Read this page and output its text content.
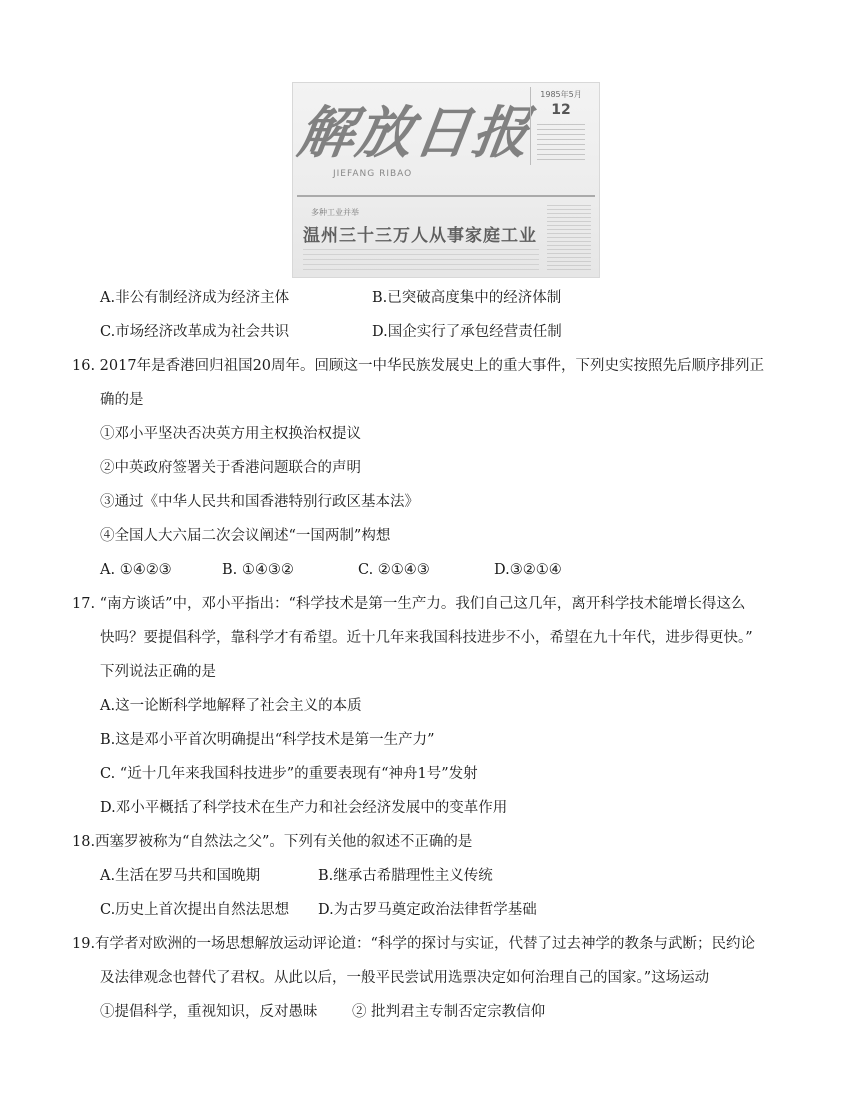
解放日报
JIEFANG RIBAO
1985年5月
12
多种工业并举
温州三十三万人从事家庭工业
A.非公有制经济成为经济主体	B.已突破高度集中的经济体制
C.市场经济改革成为社会共识	D.国企实行了承包经营责任制
16. 2017年是香港回归祖国20周年。回顾这一中华民族发展史上的重大事件，下列史实按照先后顺序排列正
确的是
①邓小平坚决否决英方用主权换治权提议
②中英政府签署关于香港问题联合的声明
③通过《中华人民共和国香港特别行政区基本法》
④全国人大六届二次会议阐述“一国两制”构想
A. ①④②③	B. ①④③②	C. ②①④③	D.③②①④
17. “南方谈话”中，邓小平指出：“科学技术是第一生产力。我们自己这几年，离开科学技术能增长得这么
快吗？要提倡科学，靠科学才有希望。近十几年来我国科技进步不小，希望在九十年代，进步得更快。”
下列说法正确的是
A.这一论断科学地解释了社会主义的本质
B.这是邓小平首次明确提出“科学技术是第一生产力”
C. “近十几年来我国科技进步”的重要表现有“神舟1号”发射
D.邓小平概括了科学技术在生产力和社会经济发展中的变革作用
18.西塞罗被称为“自然法之父”。下列有关他的叙述不正确的是
A.生活在罗马共和国晚期	B.继承古希腊理性主义传统
C.历史上首次提出自然法思想 D.为古罗马奠定政治法律哲学基础
19.有学者对欧洲的一场思想解放运动评论道：“科学的探讨与实证，代替了过去神学的教条与武断；民约论
及法律观念也替代了君权。从此以后，一般平民尝试用选票决定如何治理自己的国家。”这场运动
①提倡科学，重视知识，反对愚昧 ② 批判君主专制否定宗教信仰
